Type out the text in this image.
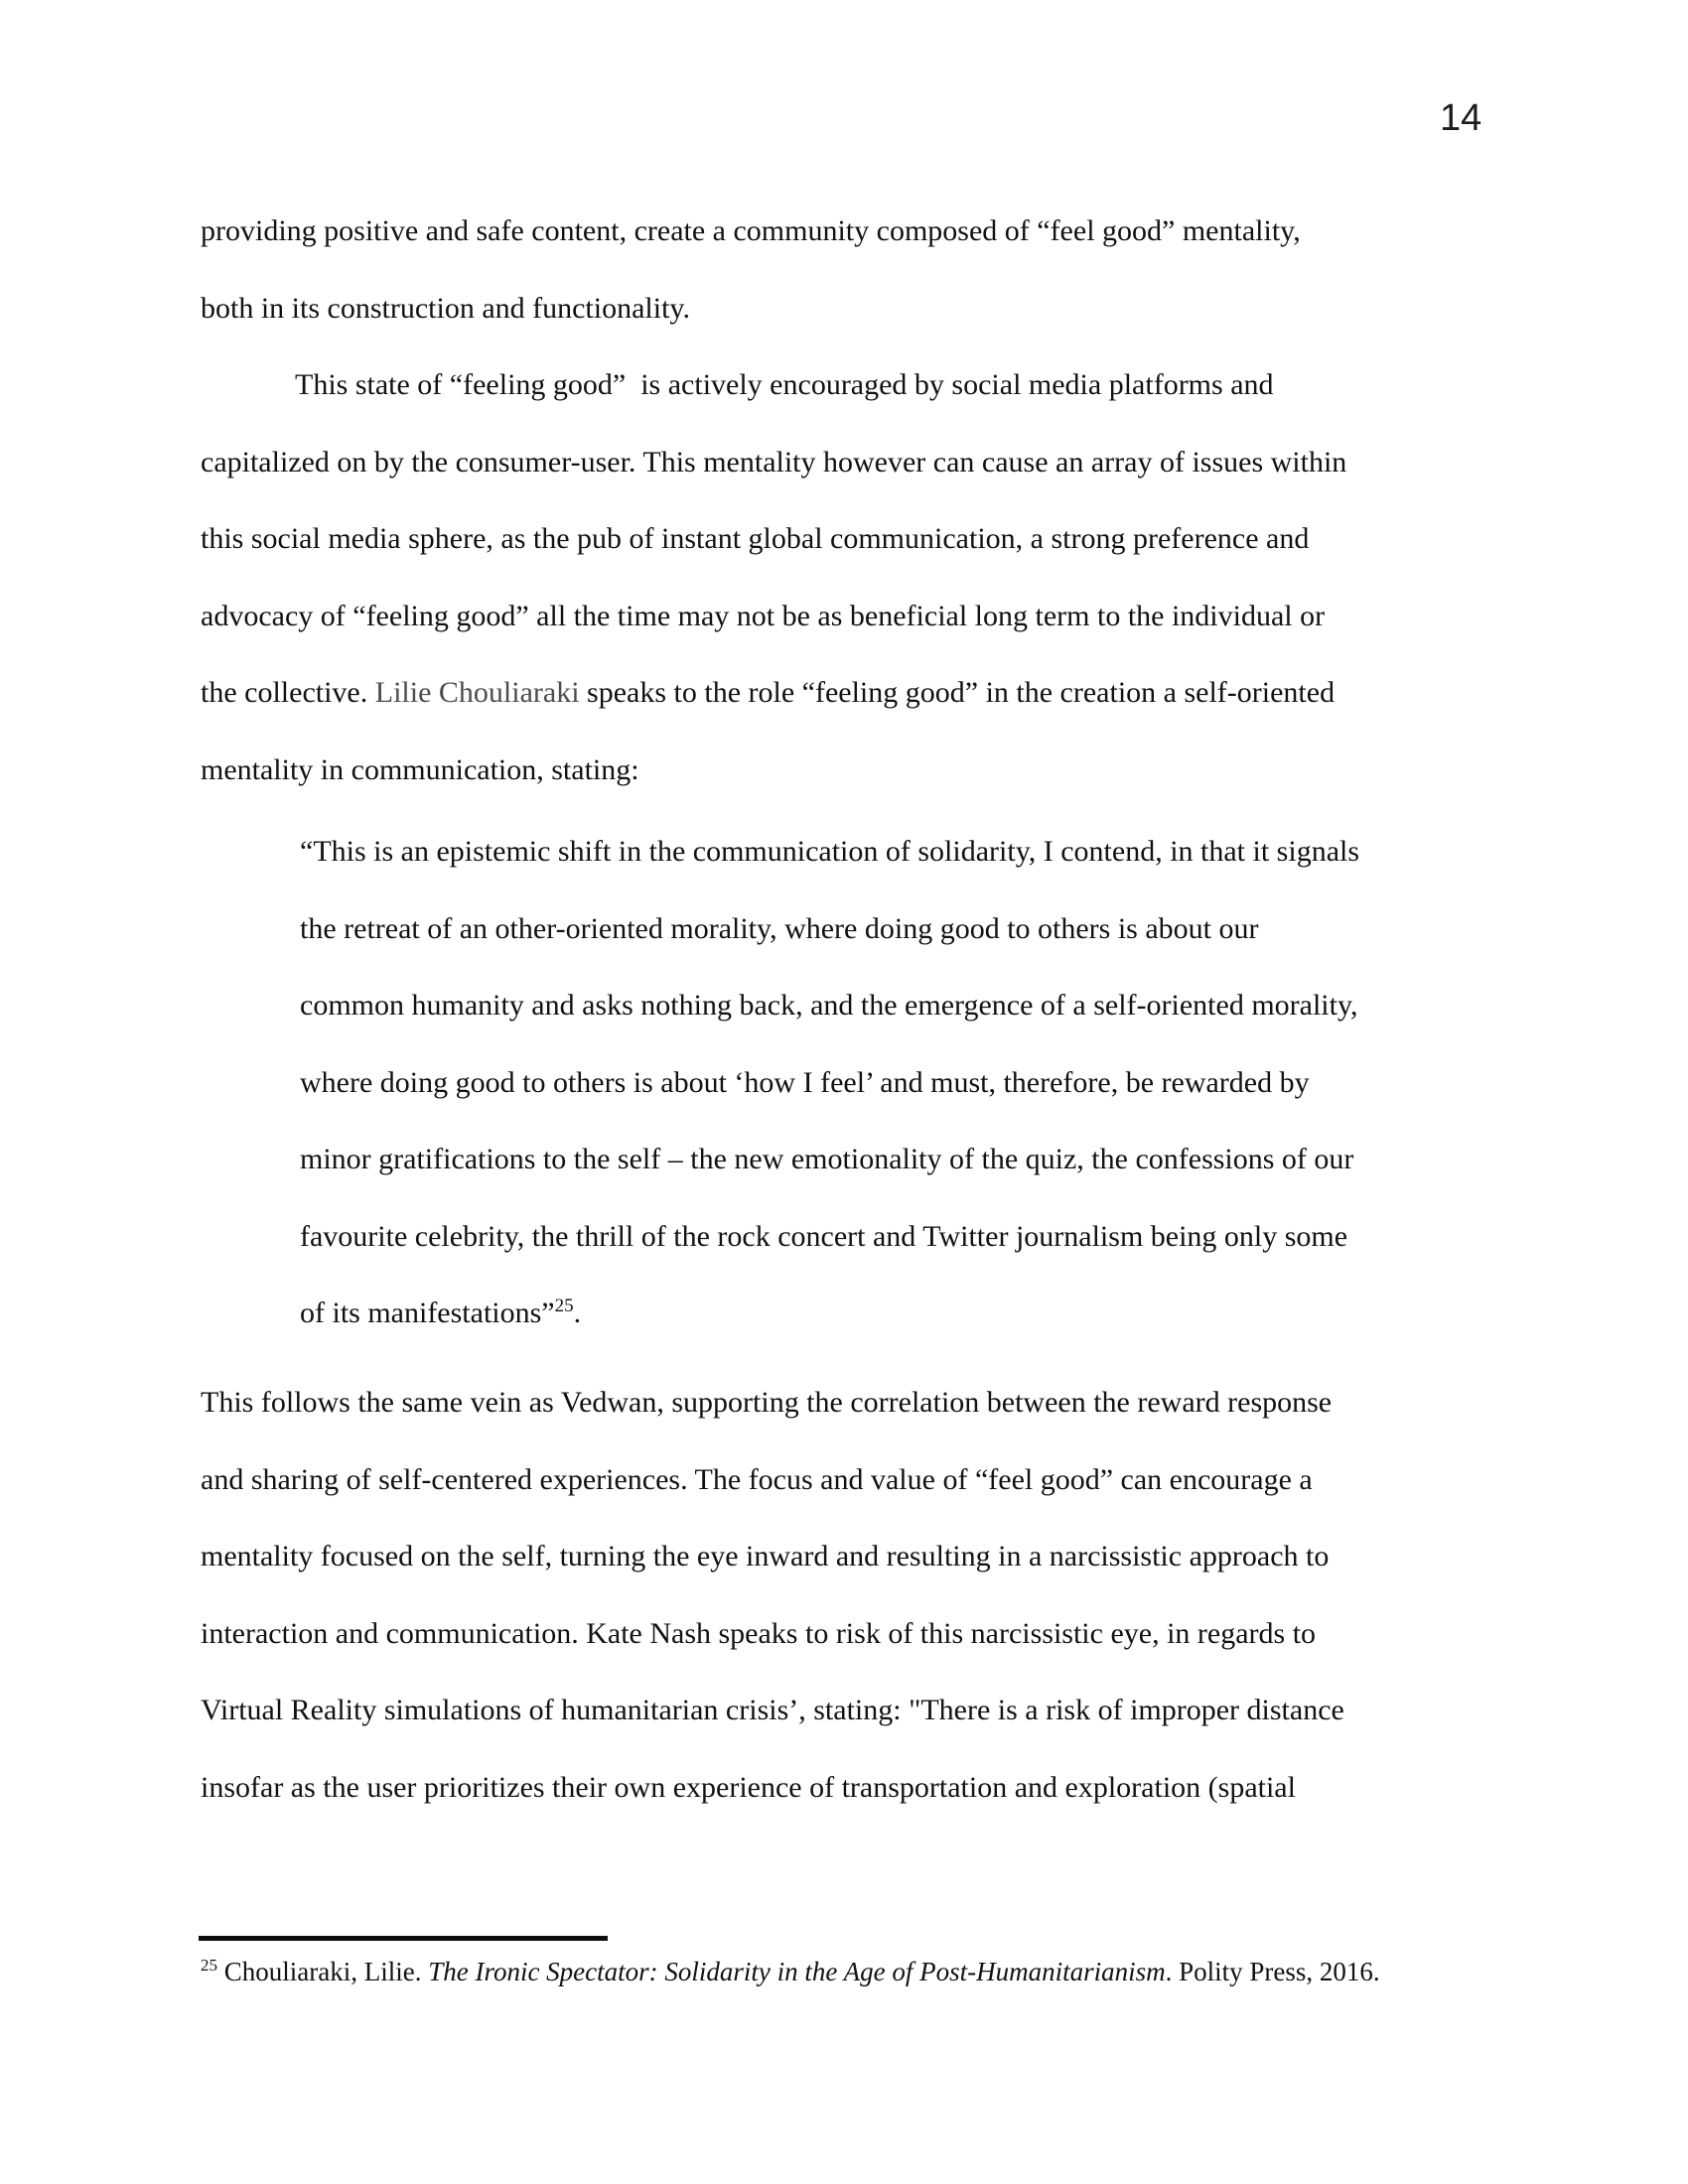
14
providing positive and safe content, create a community composed of “feel good” mentality,
both in its construction and functionality.
This state of “feeling good”  is actively encouraged by social media platforms and
capitalized on by the consumer-user. This mentality however can cause an array of issues within
this social media sphere, as the pub of instant global communication, a strong preference and
advocacy of “feeling good” all the time may not be as beneficial long term to the individual or
the collective. Lilie Chouliaraki speaks to the role “feeling good” in the creation a self-oriented
mentality in communication, stating:
“This is an epistemic shift in the communication of solidarity, I contend, in that it signals
the retreat of an other-oriented morality, where doing good to others is about our
common humanity and asks nothing back, and the emergence of a self-oriented morality,
where doing good to others is about ‘how I feel’ and must, therefore, be rewarded by
minor gratifications to the self – the new emotionality of the quiz, the confessions of our
favourite celebrity, the thrill of the rock concert and Twitter journalism being only some
of its manifestations”$^{25}$.
This follows the same vein as Vedwan, supporting the correlation between the reward response
and sharing of self-centered experiences. The focus and value of “feel good” can encourage a
mentality focused on the self, turning the eye inward and resulting in a narcissistic approach to
interaction and communication. Kate Nash speaks to risk of this narcissistic eye, in regards to
Virtual Reality simulations of humanitarian crisis’, stating: "There is a risk of improper distance
insofar as the user prioritizes their own experience of transportation and exploration (spatial
$^{25}$ Chouliaraki, Lilie. The Ironic Spectator: Solidarity in the Age of Post-Humanitarianism. Polity Press, 2016.
